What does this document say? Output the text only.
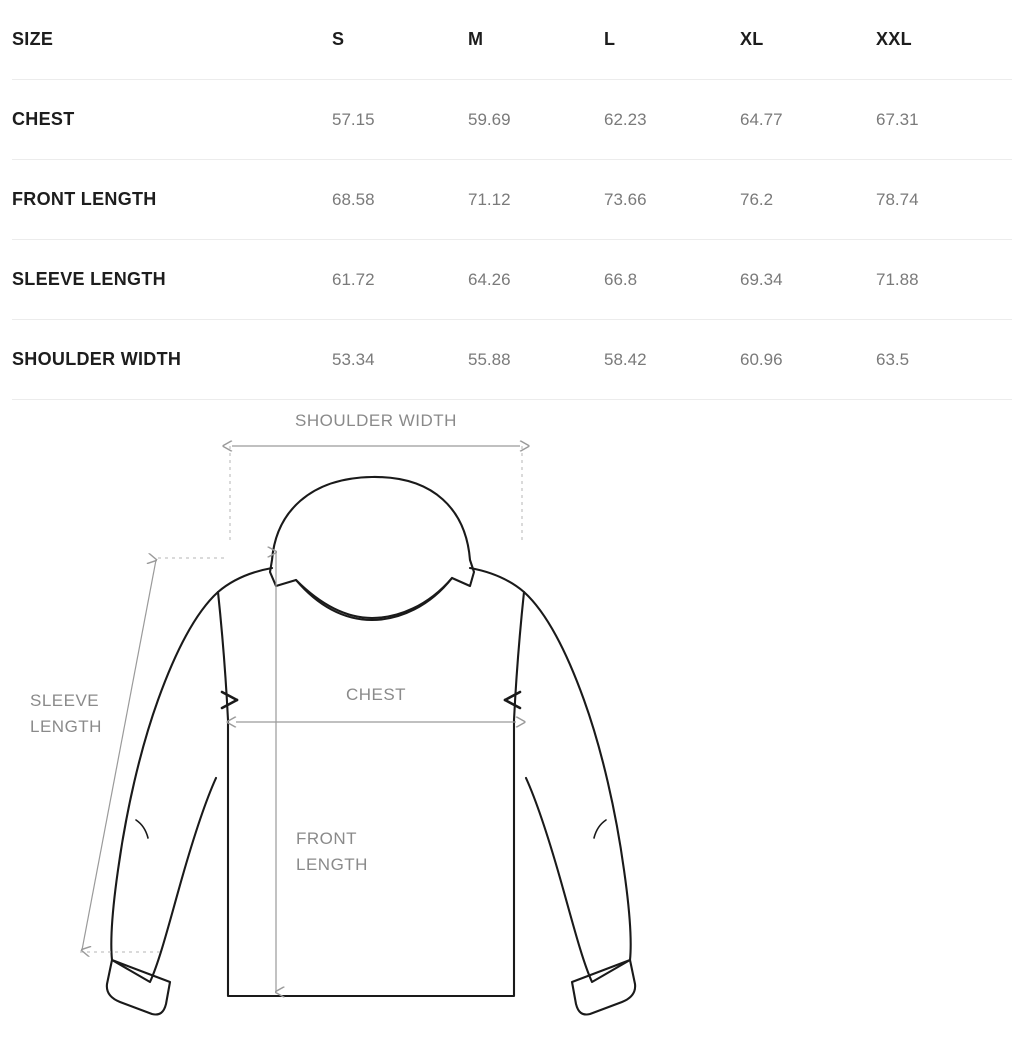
SIZE	S	M	L	XL	XXL
CHEST	57.15	59.69	62.23	64.77	67.31
FRONT LENGTH	68.58	71.12	73.66	76.2	78.74
SLEEVE LENGTH	61.72	64.26	66.8	69.34	71.88
SHOULDER WIDTH	53.34	55.88	58.42	60.96	63.5
SHOULDER WIDTH
CHEST
FRONT
LENGTH
SLEEVE
LENGTH
